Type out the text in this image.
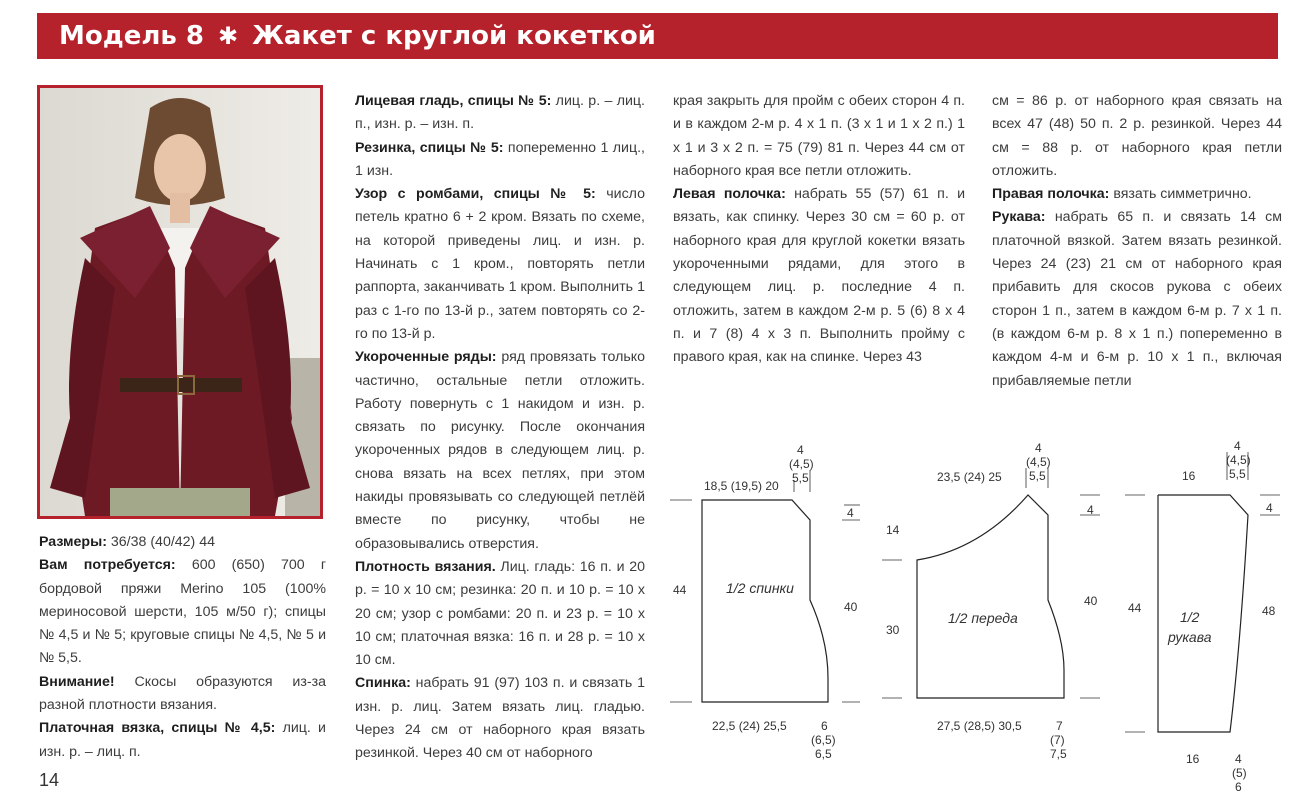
Модель 8 ✱ Жакет с круглой кокеткой

Размеры: 36/38 (40/42) 44

Вам потребуется: 600 (650) 700 г бордовой пряжи Merino 105 (100% мериносовой шерсти, 105 м/50 г); спицы № 4,5 и № 5; круговые спицы № 4,5, № 5 и № 5,5.

Внимание! Скосы образуются из-за разной плотности вязания.

Платочная вязка, спицы № 4,5: лиц. и изн. р. – лиц. п.

Лицевая гладь, спицы № 5: лиц. р. – лиц. п., изн. р. – изн. п.

Резинка, спицы № 5: попеременно 1 лиц., 1 изн.

Узор с ромбами, спицы № 5: число петель кратно 6 + 2 кром. Вязать по схеме, на которой приведены лиц. и изн. р. Начинать с 1 кром., повторять петли раппорта, заканчивать 1 кром. Выполнить 1 раз с 1-го по 13-й р., затем повторять со 2-го по 13-й р.

Укороченные ряды: ряд провязать только частично, остальные петли отложить. Работу повернуть с 1 накидом и изн. р. связать по рисунку. После окончания укороченных рядов в следующем лиц. р. снова вязать на всех петлях, при этом накиды провязывать со следующей петлёй вместе по рисунку, чтобы не образовывались отверстия.

Плотность вязания. Лиц. гладь: 16 п. и 20 р. = 10 х 10 см; резинка: 20 п. и 10 р. = 10 х 20 см; узор с ромбами: 20 п. и 23 р. = 10 х 10 см; платочная вязка: 16 п. и 28 р. = 10 х 10 см.

Спинка: набрать 91 (97) 103 п. и связать 1 изн. р. лиц. Затем вязать лиц. гладью. Через 24 см от наборного края вязать резинкой. Через 40 см от наборного

края закрыть для пройм с обеих сторон 4 п. и в каждом 2-м р. 4 х 1 п. (3 х 1 и 1 х 2 п.) 1 х 1 и 3 х 2 п. = 75 (79) 81 п. Через 44 см от наборного края все петли отложить.

Левая полочка: набрать 55 (57) 61 п. и вязать, как спинку. Через 30 см = 60 р. от наборного края для круглой кокетки вязать укороченными рядами, для этого в следующем лиц. р. последние 4 п. отложить, затем в каждом 2-м р. 5 (6) 8 х 4 п. и 7 (8) 4 х 3 п. Выполнить пройму с правого края, как на спинке. Через 43

см = 86 р. от наборного края связать на всех 47 (48) 50 п. 2 р. резинкой. Через 44 см = 88 р. от наборного края петли отложить.

Правая полочка: вязать симметрично.

Рукава: набрать 65 п. и связать 14 см платочной вязкой. Затем вязать резинкой. Через 24 (23) 21 см от наборного края прибавить для скосов рукова с обеих сторон 1 п., затем в каждом 6-м р. 7 х 1 п. (в каждом 6-м р. 8 х 1 п.) попеременно в каждом 4-м и 6-м р. 10 х 1 п., включая прибавляемые петли

18,5 (19,5) 20
4
(4,5)
5,5
44
40
4
22,5 (24) 25,5	6
(6,5)
6,5
1/2 спинки
23,5 (24) 25
4
(4,5)
5,5
14
30
40
4
27,5 (28,5) 30,5	7
(7)
7,5
1/2 переда
16
4
(4,5)
5,5
44	48
4
16	4
(5)
6
1/2
рукава
14
